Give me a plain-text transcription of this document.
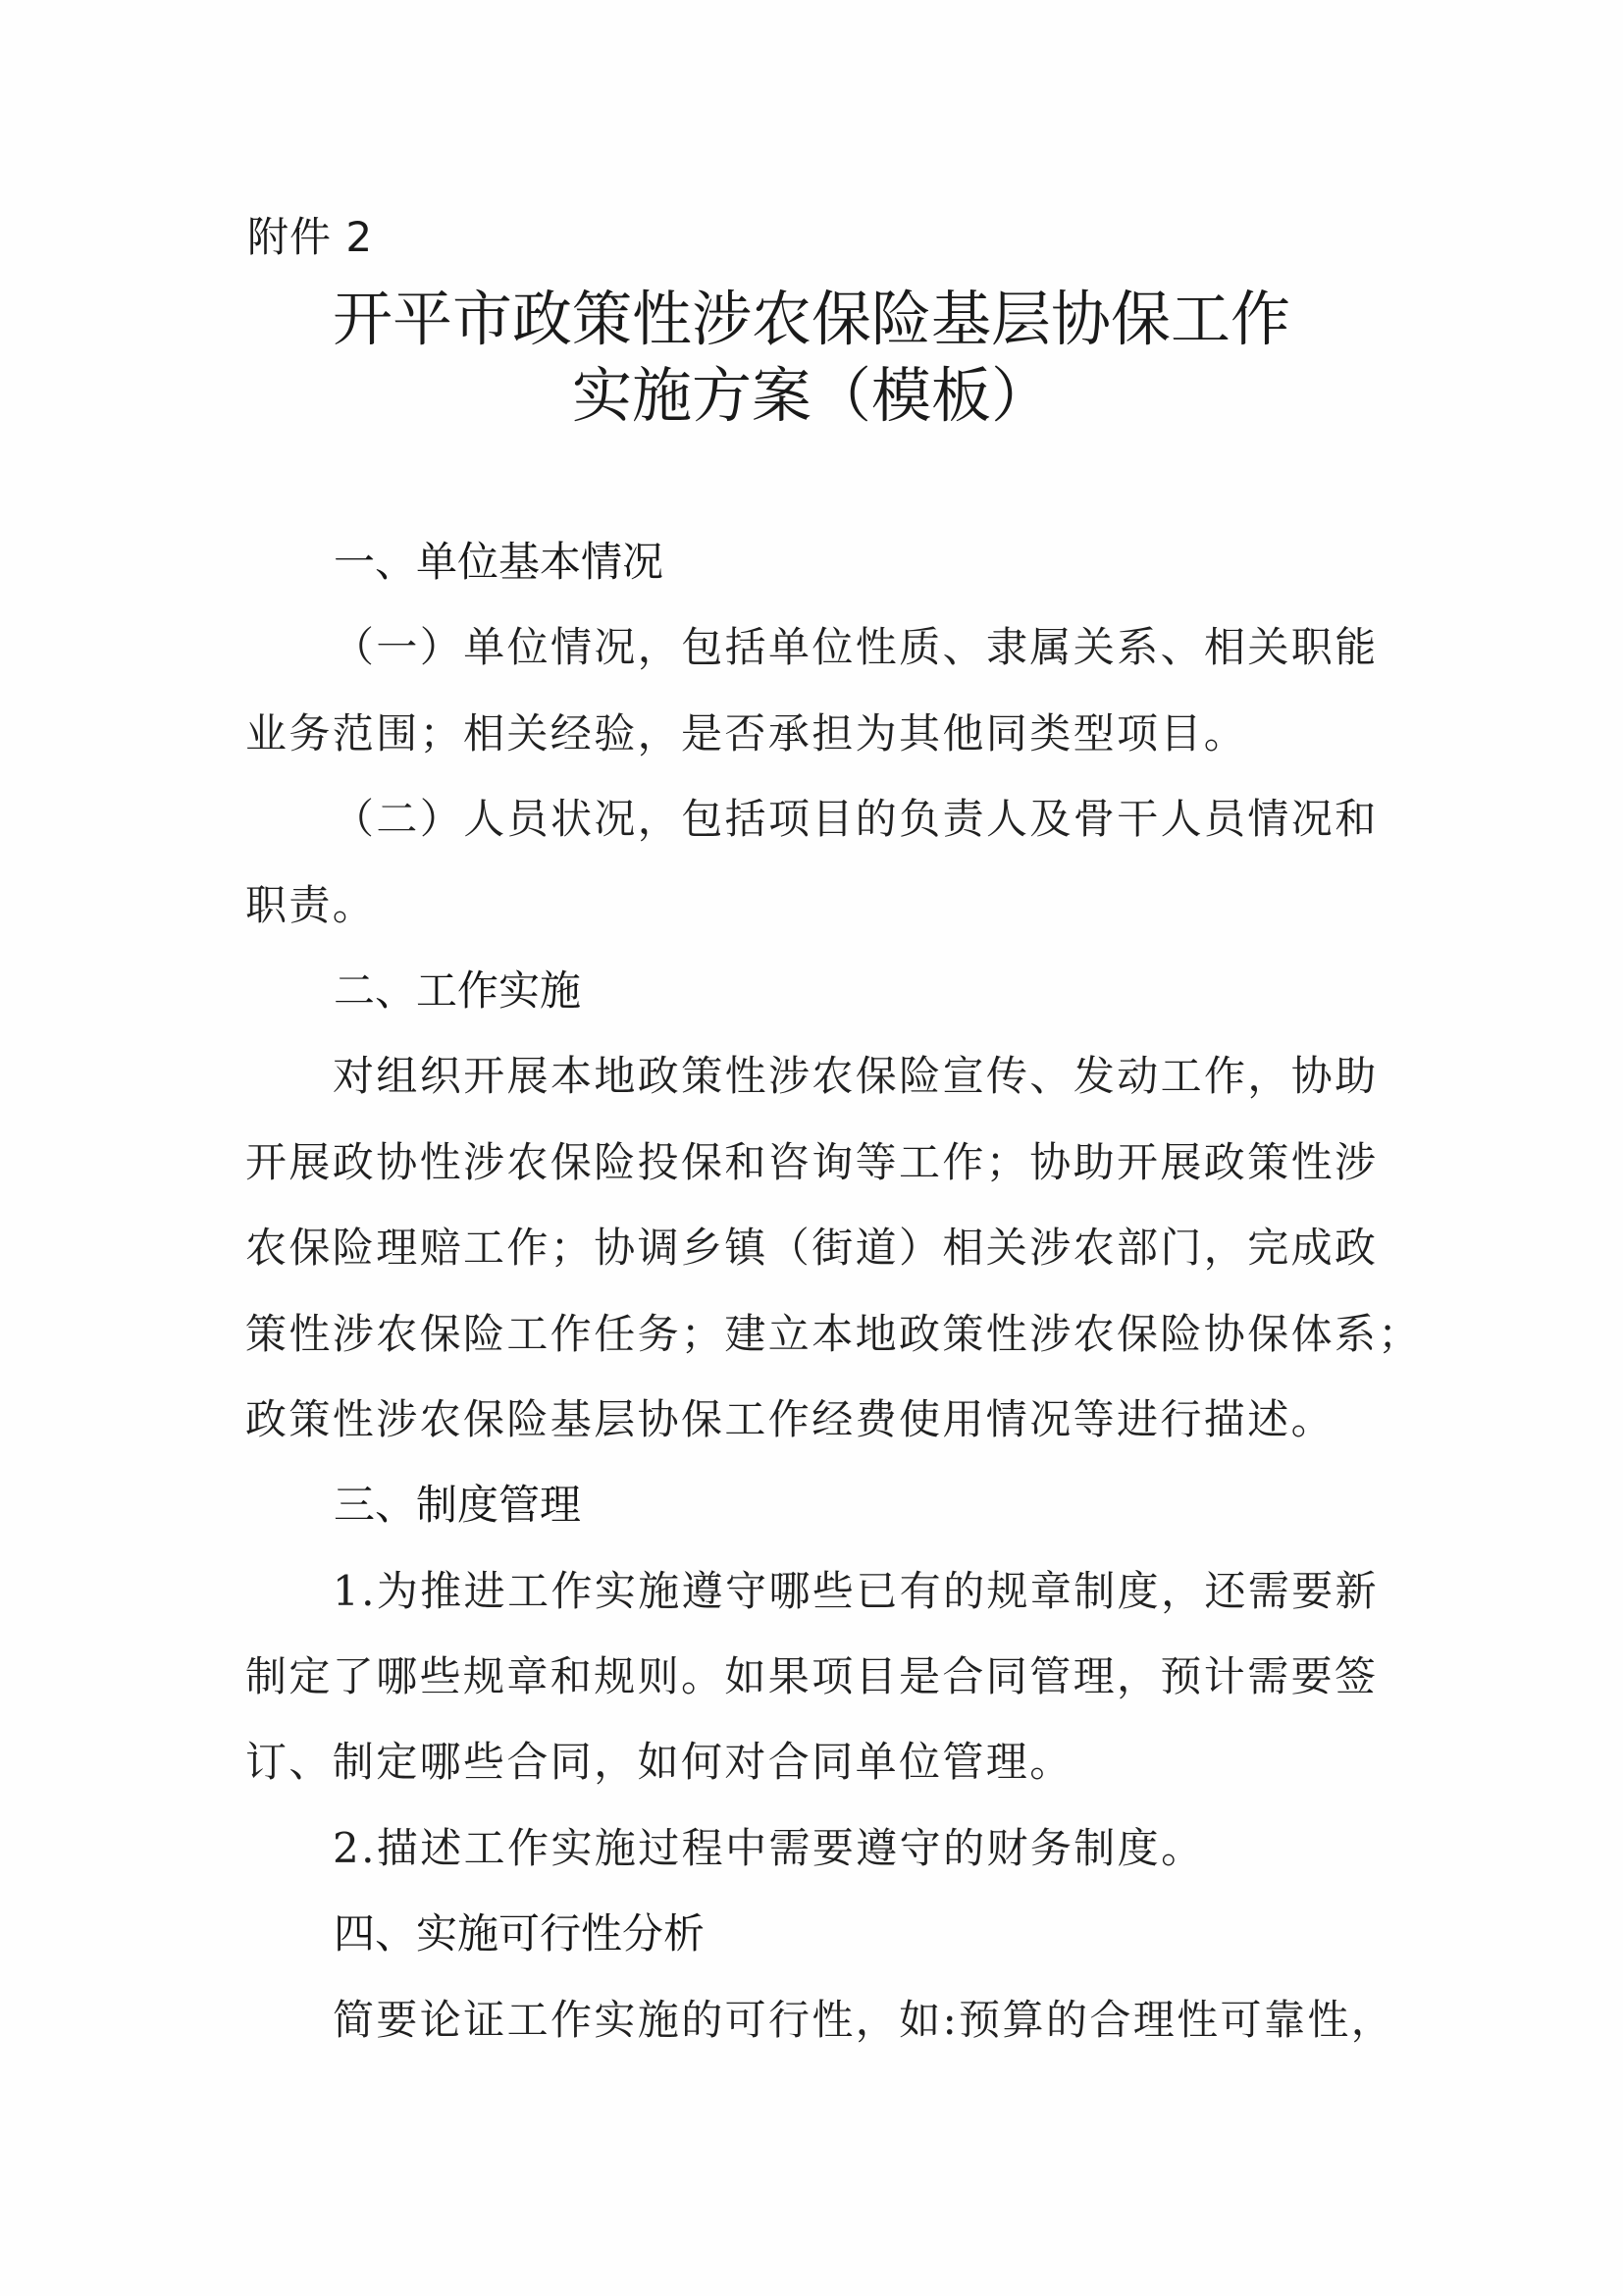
附件 2
开平市政策性涉农保险基层协保工作
实施方案（模板）
一、单位基本情况
（一）单位情况，包括单位性质、隶属关系、相关职能
业务范围；相关经验，是否承担为其他同类型项目。
（二）人员状况，包括项目的负责人及骨干人员情况和
职责。
二、工作实施
对组织开展本地政策性涉农保险宣传、发动工作，协助
开展政协性涉农保险投保和咨询等工作；协助开展政策性涉
农保险理赔工作；协调乡镇（街道）相关涉农部门，完成政
策性涉农保险工作任务；建立本地政策性涉农保险协保体系；
政策性涉农保险基层协保工作经费使用情况等进行描述。
三、制度管理
1.为推进工作实施遵守哪些已有的规章制度，还需要新
制定了哪些规章和规则。如果项目是合同管理，预计需要签
订、制定哪些合同，如何对合同单位管理。
2.描述工作实施过程中需要遵守的财务制度。
四、实施可行性分析
简要论证工作实施的可行性，如:预算的合理性可靠性，
